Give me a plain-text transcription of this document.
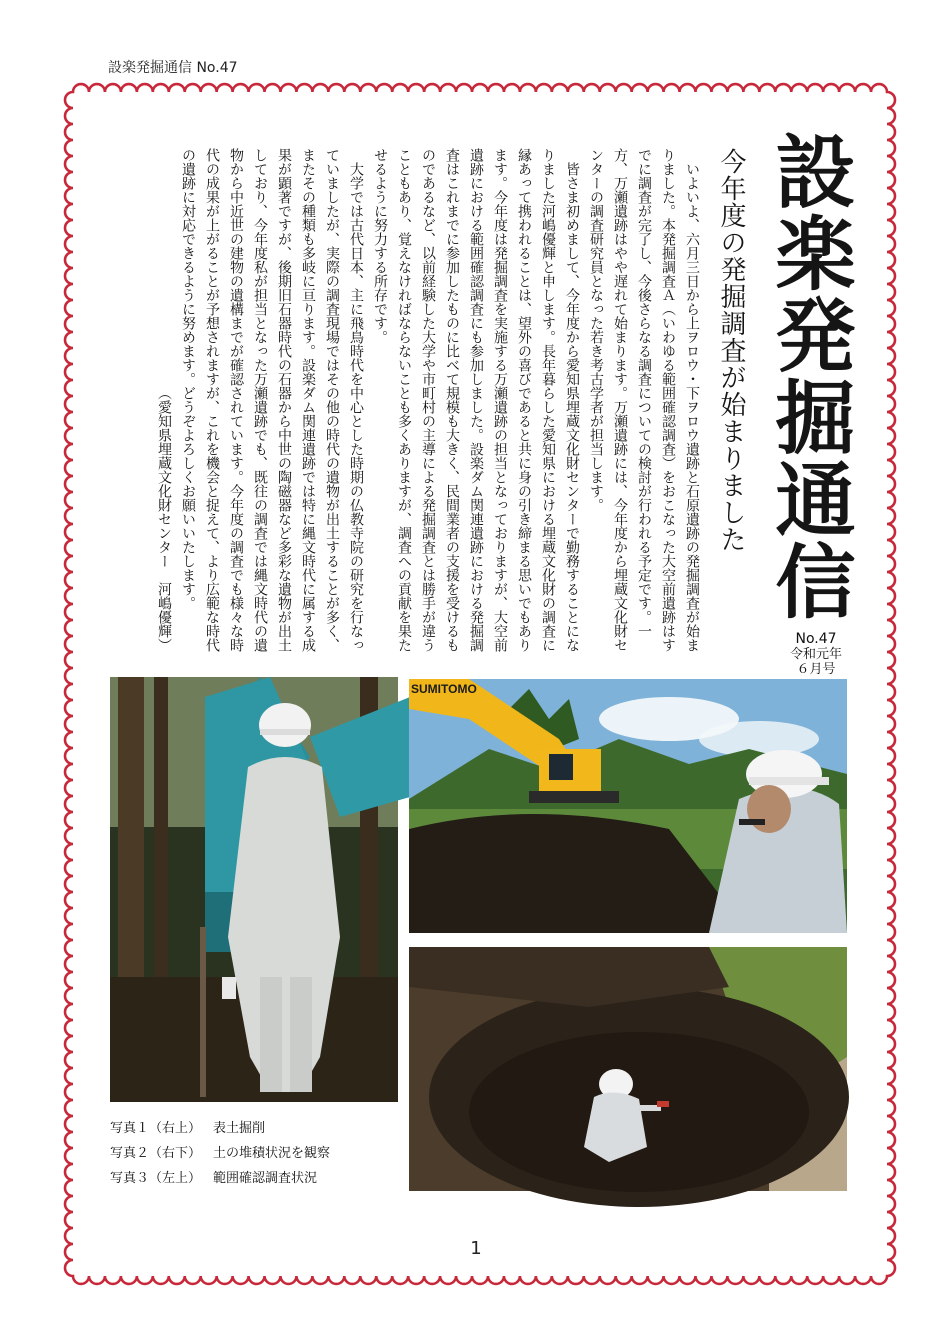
設楽発掘通信 No.47
設楽発掘通信
今年度の発掘調査が始まりました
No.47
令和元年
６月号

いよいよ、六月三日から上ヲロウ・下ヲロウ遺跡と石原遺跡の発掘調査が始まりました。本発掘調査Ａ（いわゆる範囲確認調査）をおこなった大空前遺跡はすでに調査が完了し、今後さらなる調査についての検討が行われる予定です。一方、万瀬遺跡はやや遅れて始まります。万瀬遺跡には、今年度から埋蔵文化財センターの調査研究員となった若き考古学者が担当します。

皆さま初めまして、今年度から愛知県埋蔵文化財センターで勤務することになりました河嶋優輝と申します。長年暮らした愛知県における埋蔵文化財の調査に縁あって携われることは、望外の喜びであると共に身の引き締まる思いでもあります。今年度は発掘調査を実施する万瀬遺跡の担当となっておりますが、大空前遺跡における範囲確認調査にも参加しました。設楽ダム関連遺跡における発掘調査はこれまでに参加したものに比べて規模も大きく、民間業者の支援を受けるものであるなど、以前経験した大学や市町村の主導による発掘調査とは勝手が違うこともあり、覚えなければならないことも多くありますが、調査への貢献を果たせるように努力する所存です。

大学では古代日本、主に飛鳥時代を中心とした時期の仏教寺院の研究を行なっていましたが、実際の調査現場ではその他の時代の遺物が出土することが多く、またその種類も多岐に亘ります。設楽ダム関連遺跡では特に縄文時代に属する成果が顕著ですが、後期旧石器時代の石器から中世の陶磁器など多彩な遺物が出土しており、今年度私が担当となった万瀬遺跡でも、既往の調査では縄文時代の遺物から中近世の建物の遺構までが確認されています。今年度の調査でも様々な時代の成果が上がることが予想されますが、これを機会と捉えて、より広範な時代の遺跡に対応できるように努めます。どうぞよろしくお願いいたします。

（愛知県埋蔵文化財センター　河嶋優輝）

SUMITOMO
写真１（右上） 表土掘削
写真２（右下） 土の堆積状況を観察
写真３（左上） 範囲確認調査状況
1
